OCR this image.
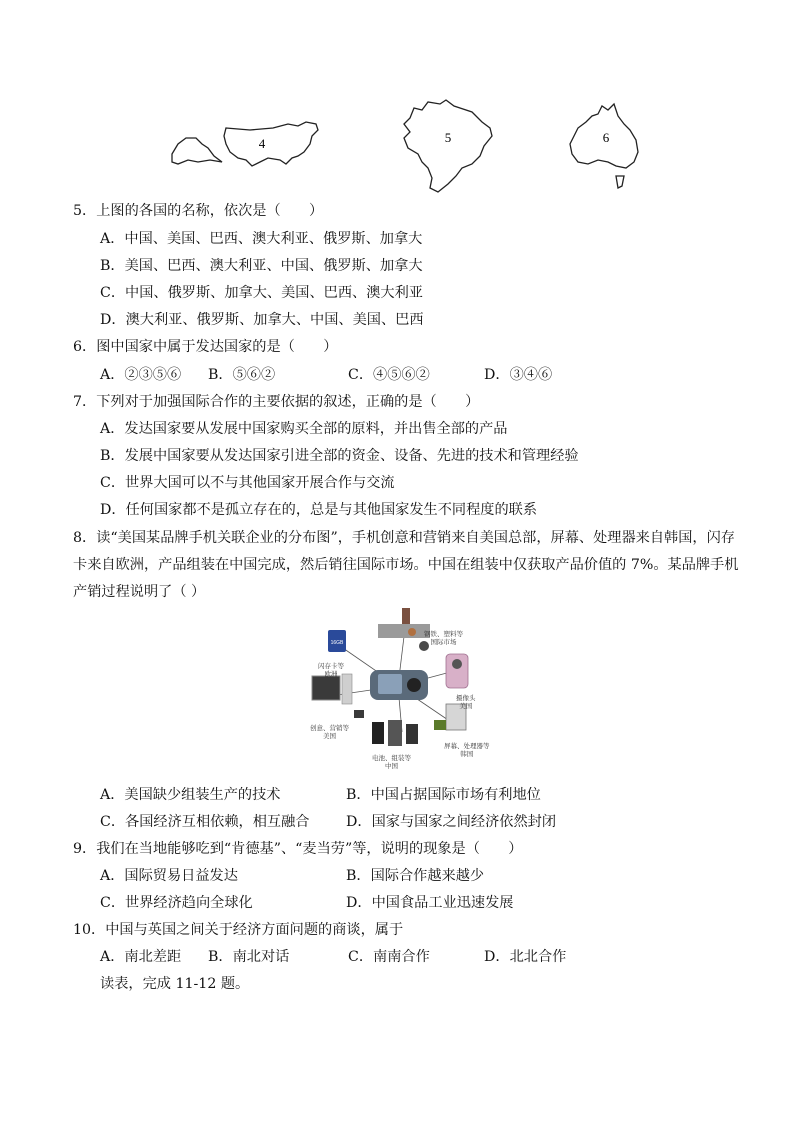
4	5	6
5．上图的各国的名称，依次是（　　）
A．中国、美国、巴西、澳大利亚、俄罗斯、加拿大
B．美国、巴西、澳大利亚、中国、俄罗斯、加拿大
C．中国、俄罗斯、加拿大、美国、巴西、澳大利亚
D．澳大利亚、俄罗斯、加拿大、中国、美国、巴西
6．图中国家中属于发达国家的是（　　）
A．②③⑤⑥ B．⑤⑥②	C．④⑤⑥②	D．③④⑥
7．下列对于加强国际合作的主要依据的叙述，正确的是（　　）
A．发达国家要从发展中国家购买全部的原料，并出售全部的产品
B．发展中国家要从发达国家引进全部的资金、设备、先进的技术和管理经验
C．世界大国可以不与其他国家开展合作与交流
D．任何国家都不是孤立存在的，总是与其他国家发生不同程度的联系
8．读“美国某品牌手机关联企业的分布图”，手机创意和营销来自美国总部，屏幕、处理器来自韩国，闪存
卡来自欧洲，产品组装在中国完成，然后销往国际市场。中国在组装中仅获取产品价值的 7%。某品牌手机
产销过程说明了（ ）
16GB
钢铁、塑料等
国际市场
闪存卡等
欧洲
创意、营销等
美国
摄像头
美国
屏幕、处理器等
韩国
电池、组装等
中国
A．美国缺少组装生产的技术	B．中国占据国际市场有利地位
C．各国经济互相依赖，相互融合	D．国家与国家之间经济依然封闭
9．我们在当地能够吃到“肯德基”、“麦当劳”等，说明的现象是（　　）
A．国际贸易日益发达	B．国际合作越来越少
C．世界经济趋向全球化	D．中国食品工业迅速发展
10．中国与英国之间关于经济方面问题的商谈，属于
A．南北差距 B．南北对话	C．南南合作	D．北北合作
读表，完成 11-12 题。
